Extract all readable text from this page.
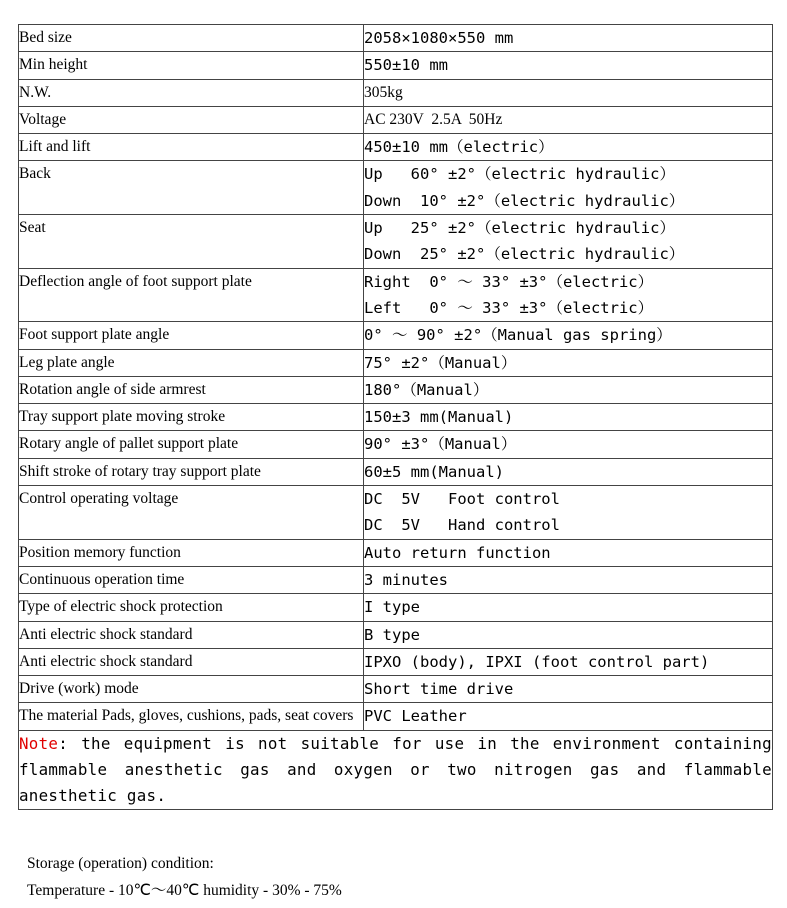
Bed size	2058×1080×550 mm

Min height	550±10 mm

N.W.	305kg

Voltage	AC 230V  2.5A  50Hz

Lift and lift	450±10 mm（electric）

Back	Up   60° ±2°（electric hydraulic）
Down  10° ±2°（electric hydraulic）

Seat	Up   25° ±2°（electric hydraulic）
Down  25° ±2°（electric hydraulic）

Deflection angle of foot support plate	Right  0° ～ 33° ±3°（electric）
Left   0° ～ 33° ±3°（electric）

Foot support plate angle	0° ～ 90° ±2°（Manual gas spring）

Leg plate angle	75° ±2°（Manual）

Rotation angle of side armrest	180°（Manual）

Tray support plate moving stroke	150±3 mm(Manual)

Rotary angle of pallet support plate	90° ±3°（Manual）

Shift stroke of rotary tray support plate	60±5 mm(Manual)

Control operating voltage	DC  5V   Foot control
DC  5V   Hand control

Position memory function	Auto return function

Continuous operation time	3 minutes

Type of electric shock protection	I type

Anti electric shock standard	B type

Anti electric shock standard	IPXO (body), IPXI (foot control part)

Drive (work) mode	Short time drive

The material Pads, gloves, cushions, pads, seat covers	PVC Leather

Note: the equipment is not suitable for use in the environment containing flammable anesthetic gas and oxygen or two nitrogen gas and flammable anesthetic gas.	
Storage (operation) condition:
Temperature - 10℃～40℃ humidity - 30% - 75%
